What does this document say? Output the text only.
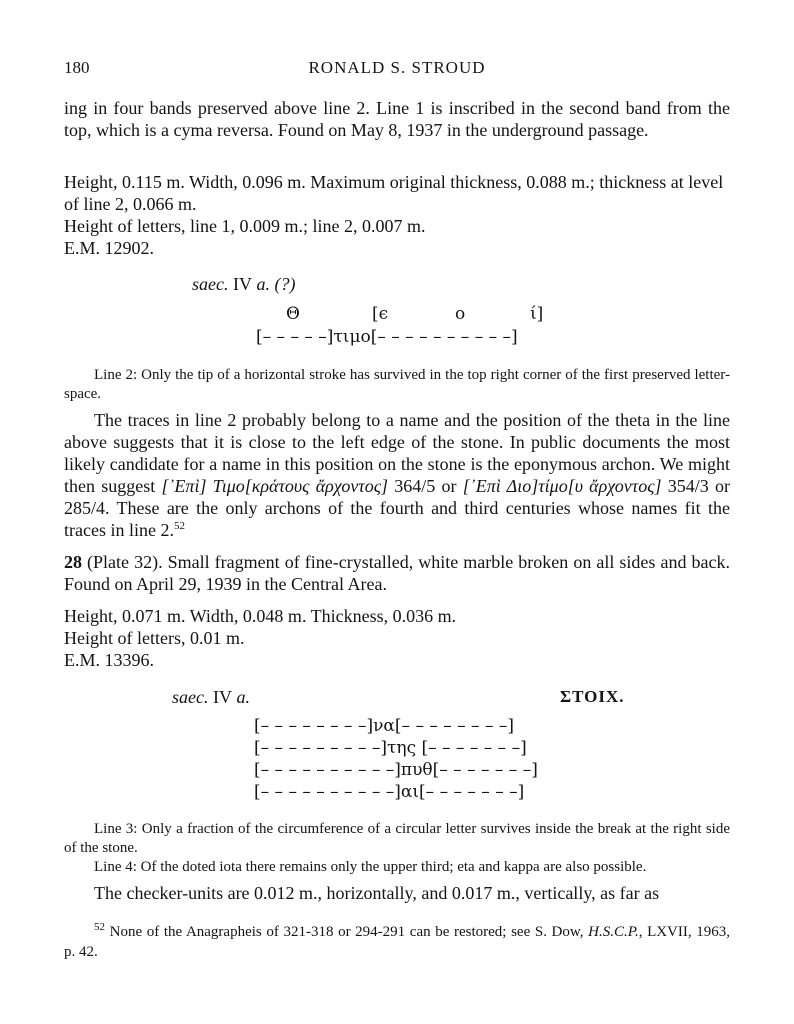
180	RONALD S. STROUD

ing in four bands preserved above line 2. Line 1 is inscribed in the second band from the top, which is a cyma reversa. Found on May 8, 1937 in the underground passage.

Height, 0.115 m. Width, 0.096 m. Maximum original thickness, 0.088 m.; thickness at level of line 2, 0.066 m.
Height of letters, line 1, 0.009 m.; line 2, 0.007 m.
E.M. 12902.
saec. IV a. (?)
Θ	[ϵ	o	ί]
[– – – – –]τιμο[– – – – – – – – – –]

Line 2: Only the tip of a horizontal stroke has survived in the top right corner of the first preserved letter-space.

The traces in line 2 probably belong to a name and the position of the theta in the line above suggests that it is close to the left edge of the stone. In public documents the most likely candidate for a name in this position on the stone is the eponymous archon. We might then suggest [᾿Επὶ] Τιμο[κράτους ἄρχοντος] 364/5 or [᾿Επὶ Διο]τίμο[υ ἄρχοντος] 354/3 or 285/4. These are the only archons of the fourth and third centuries whose names fit the traces in line 2.52

28 (Plate 32). Small fragment of fine-crystalled, white marble broken on all sides and back. Found on April 29, 1939 in the Central Area.

Height, 0.071 m. Width, 0.048 m. Thickness, 0.036 m.
Height of letters, 0.01 m.
E.M. 13396.
saec. IV a.	ΣΤΟΙΧ.
[– – – – – – – –]να[– – – – – – – –]
[– – – – – – – – –]της [– – – – – – –]
[– – – – – – – – – –]πυθ[– – – – – – –]
[– – – – – – – – – –]αι[– – – – – – –]

Line 3: Only a fraction of the circumference of a circular letter survives inside the break at the right side of the stone.

Line 4: Of the doted iota there remains only the upper third; eta and kappa are also possible.

The checker-units are 0.012 m., horizontally, and 0.017 m., vertically, as far as

$^{52}$ None of the Anagrapheis of 321-318 or 294-291 can be restored; see S. Dow, H.S.C.P., LXVII, 1963, p. 42.
